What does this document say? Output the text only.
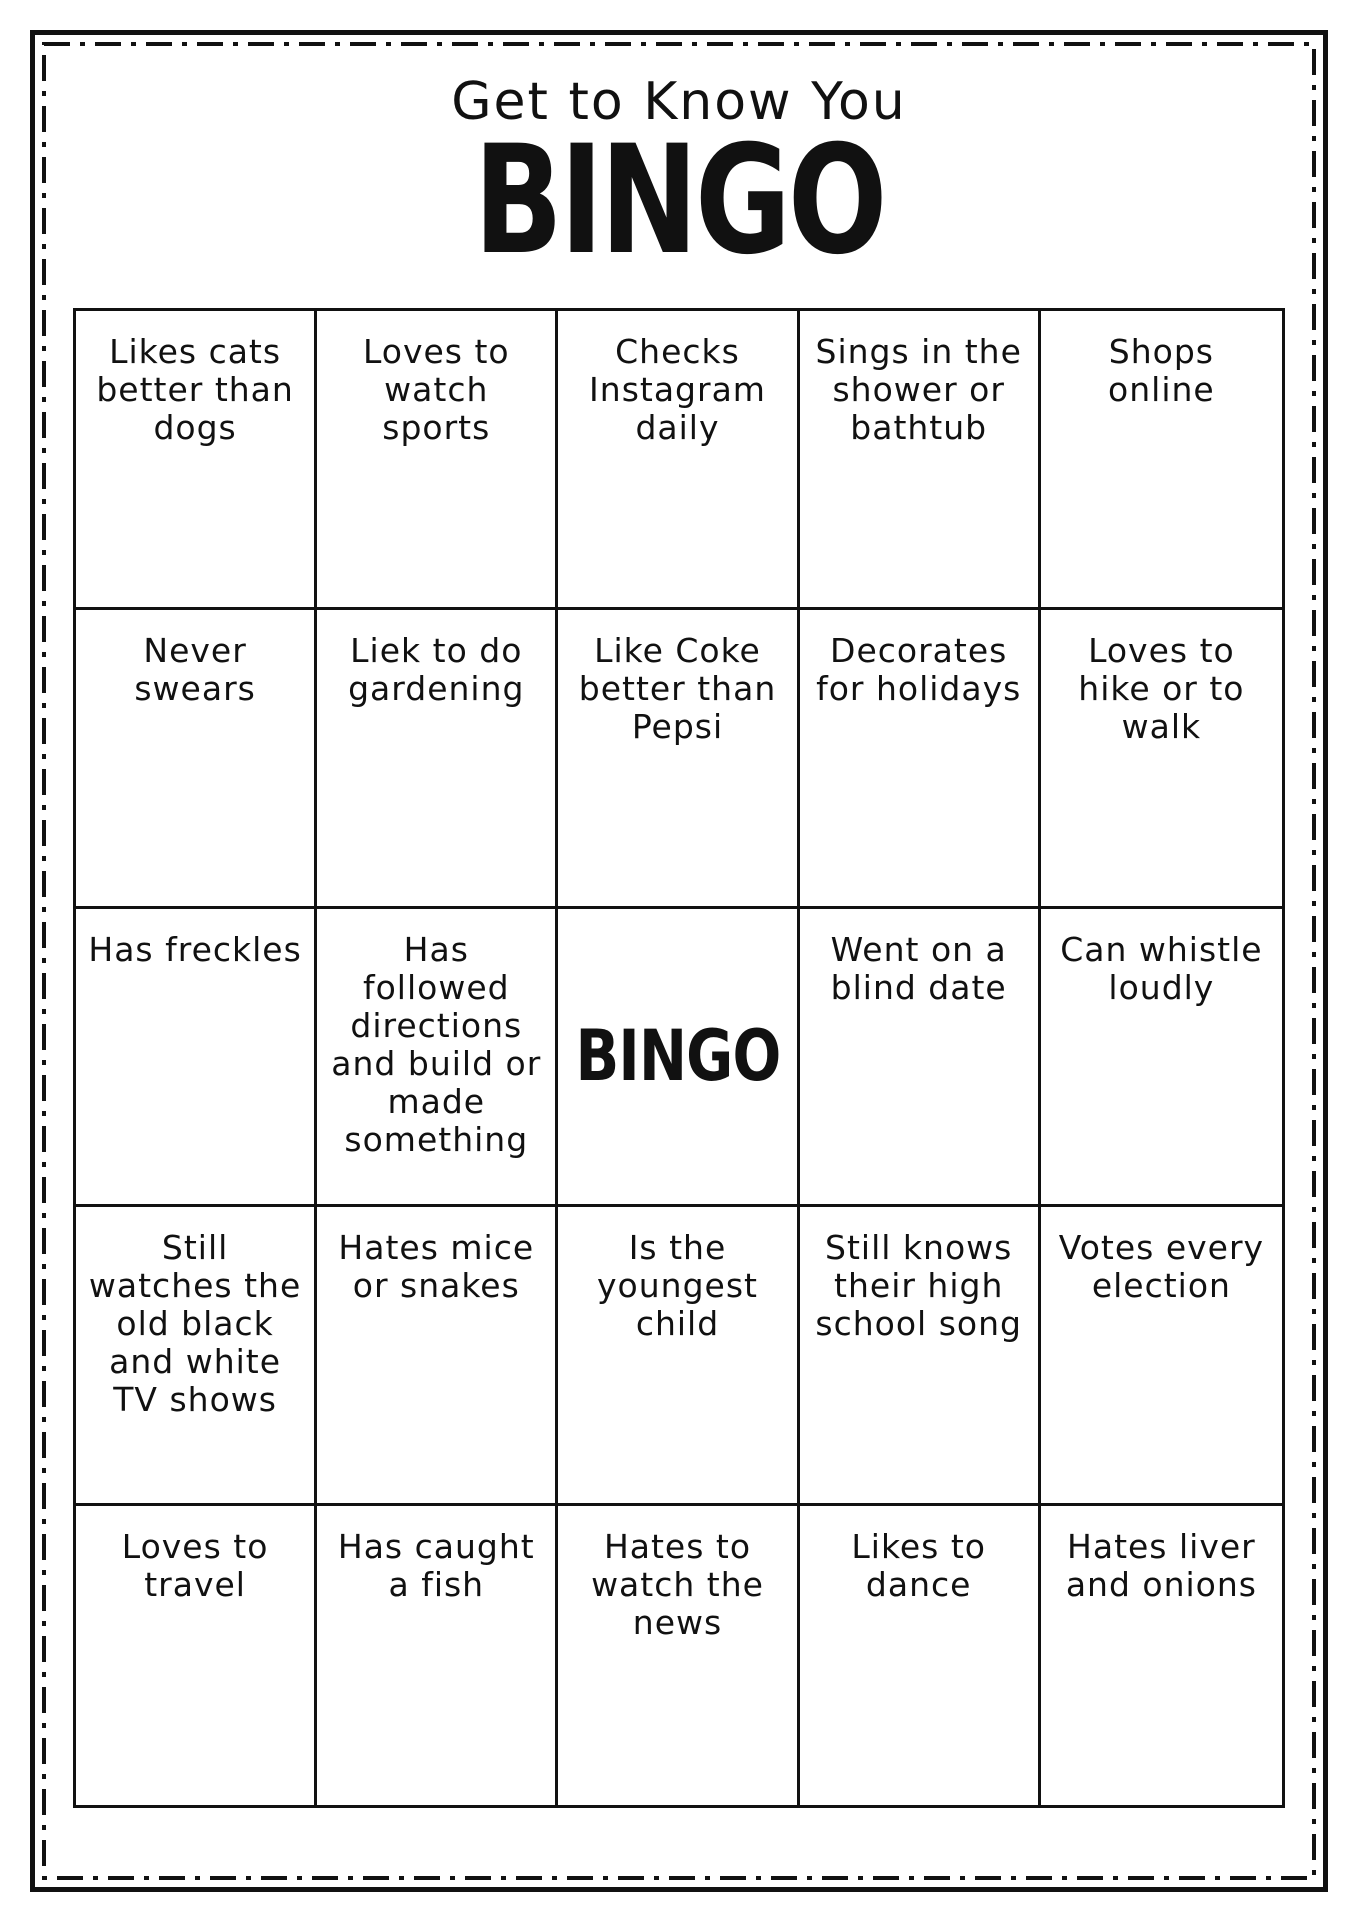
Get to Know You
BINGO
Likes cats better than dogs
Loves to watch sports
Checks Instagram daily
Sings in the shower or bathtub
Shops online
Never swears
Liek to do gardening
Like Coke better than Pepsi
Decorates for holidays
Loves to hike or to walk
Has freckles	Has followed directions and build or made something
BINGO
Went on a blind date
Can whistle loudly
Still watches the old black and white TV shows
Hates mice or snakes
Is the youngest child
Still knows their high school song
Votes every election
Loves to travel
Has caught a fish
Hates to watch the news
Likes to dance
Hates liver and onions
